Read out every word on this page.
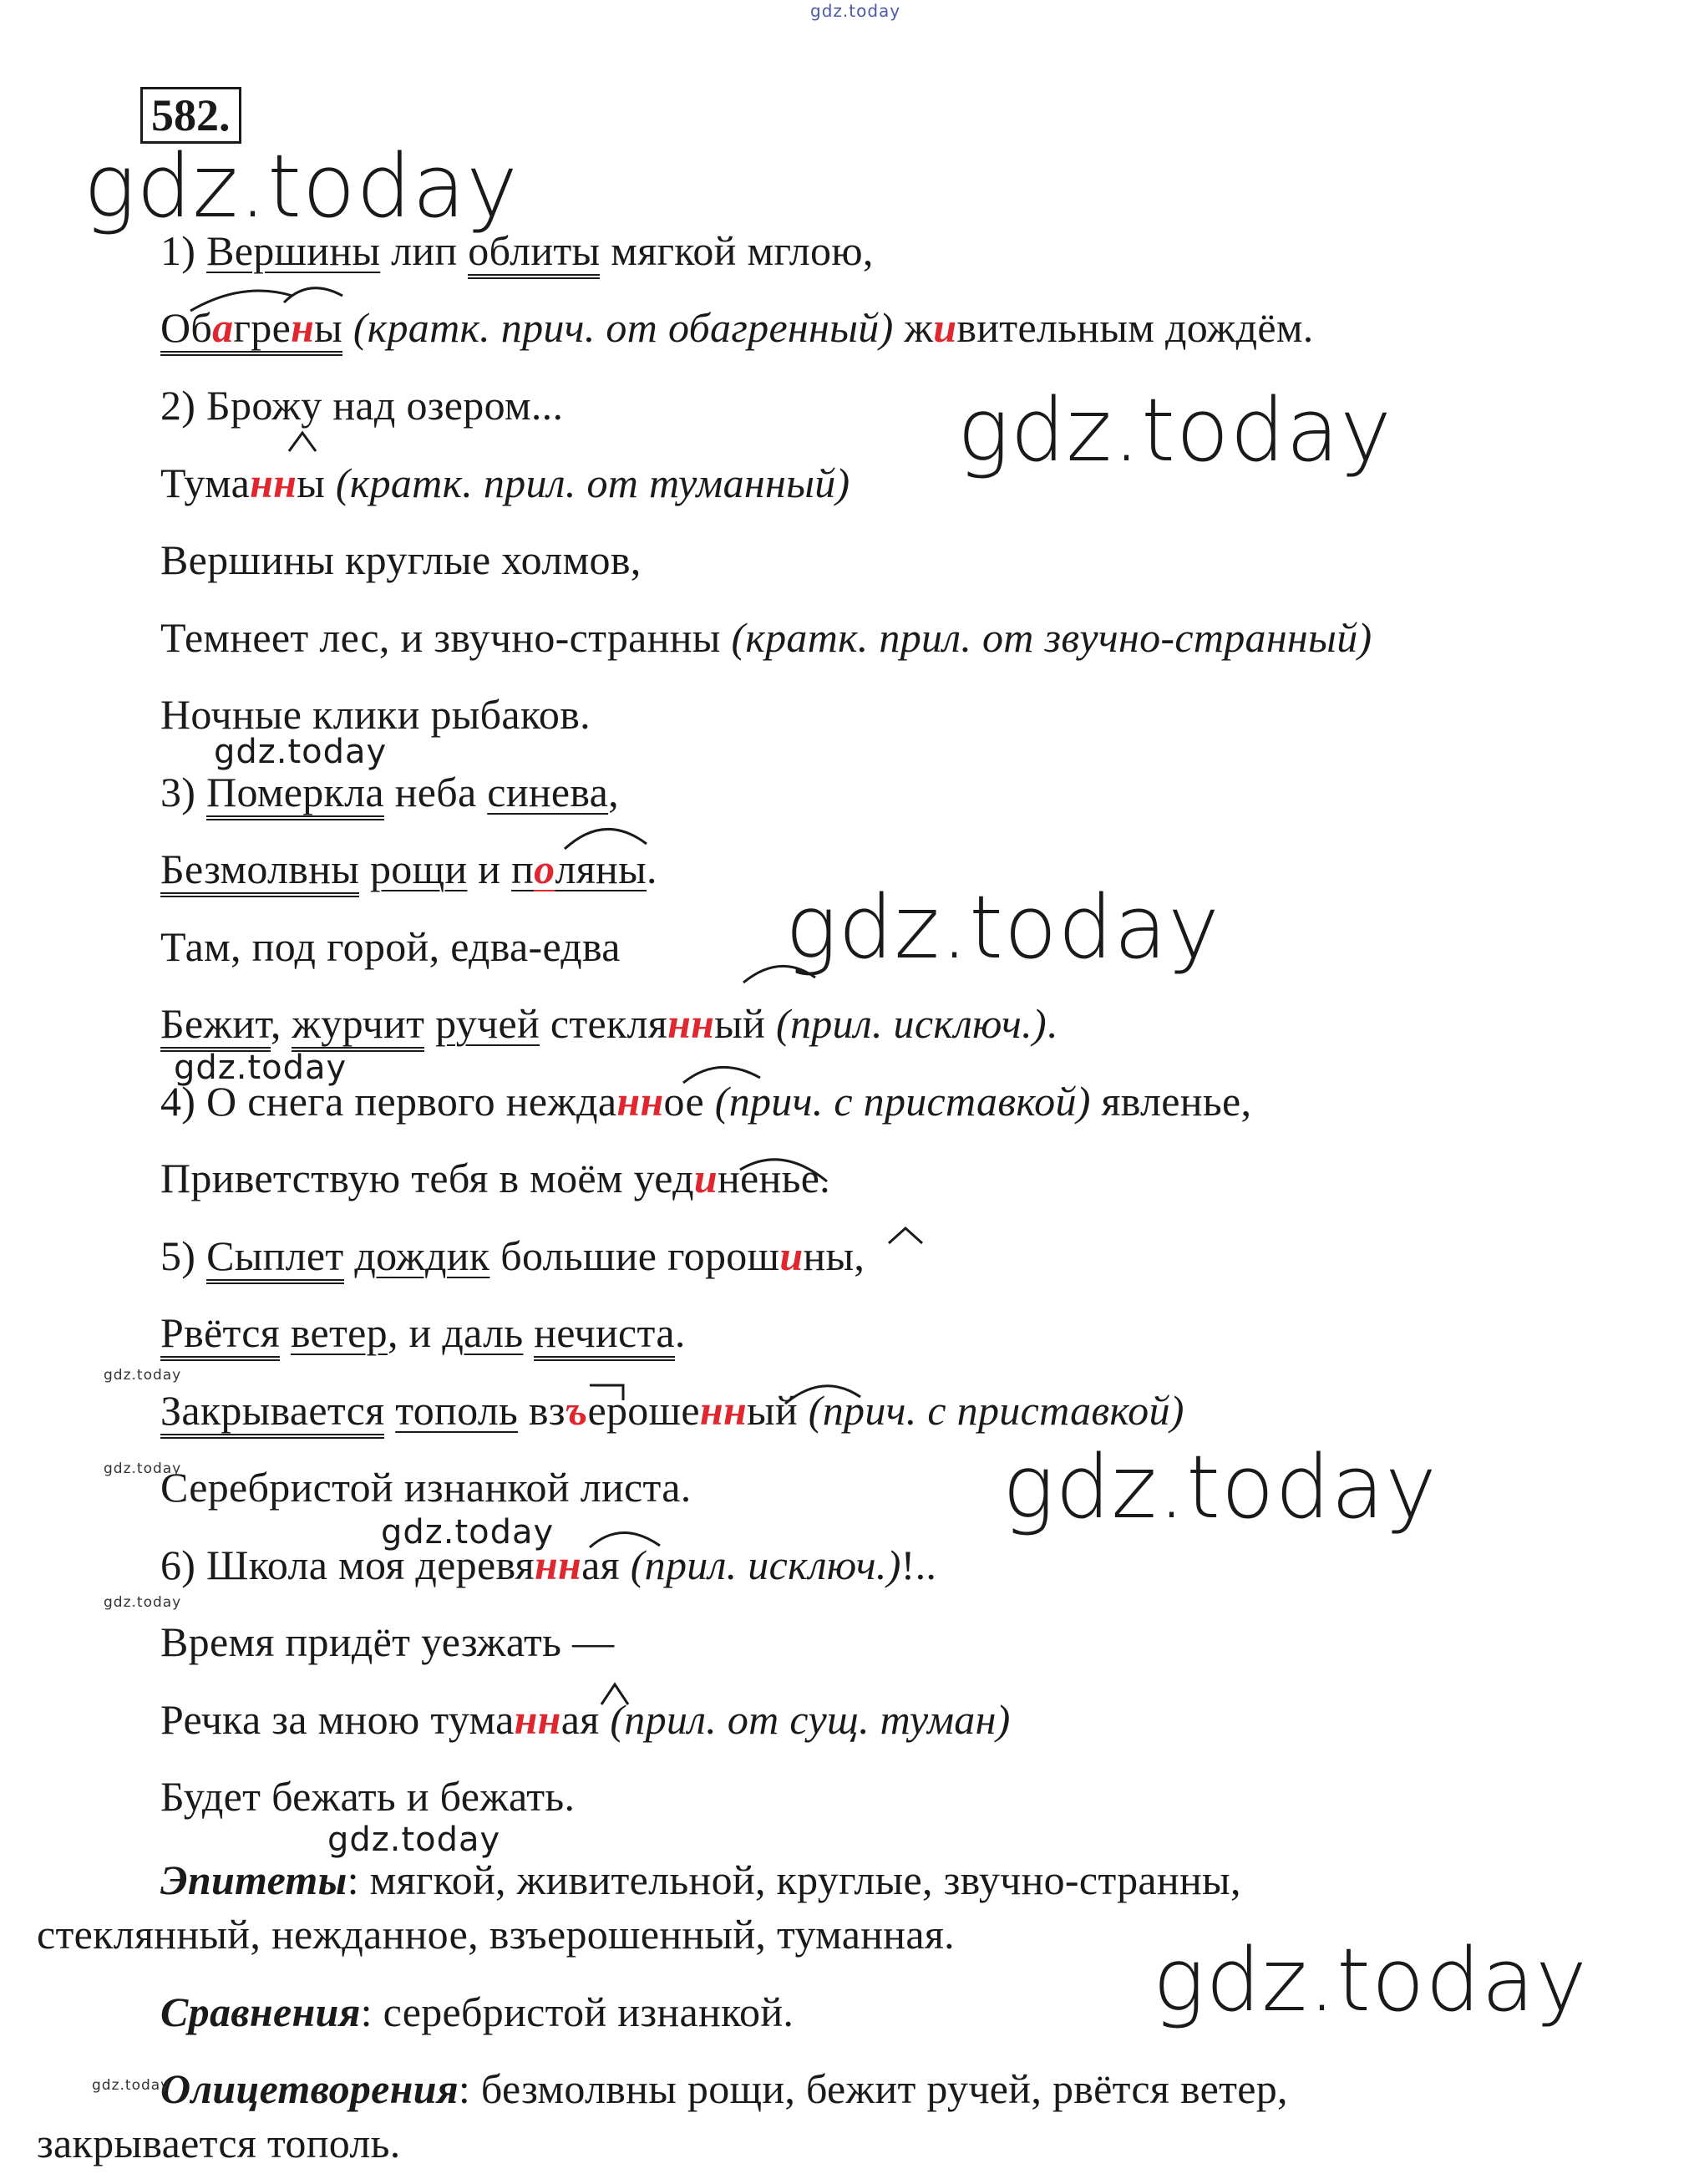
gdz.today
582.
1) Вершины лип облиты мягкой мглою,
Обагрены (кратк. прич. от обагренный) живительным дождём.
2) Брожу над озером...
Туманны (кратк. прил. от туманный)
Вершины круглые холмов,
Темнеет лес, и звучно-странны (кратк. прил. от звучно-странный)
Ночные клики рыбаков.
3) Померкла неба синева,
Безмолвны рощи и поляны.
Там, под горой, едва-едва
Бежит, журчит ручей стеклянный (прил. исключ.).
4) О снега первого нежданное (прич. с приставкой) явленье,
Приветствую тебя в моём уединенье.
5) Сыплет дождик большие горошины,
Рвётся ветер, и даль нечиста.
Закрывается тополь взъерошенный (прич. с приставкой)
Серебристой изнанкой листа.
6) Школа моя деревянная (прил. исключ.)!..
Время придёт уезжать —
Речка за мною туманная (прил. от сущ. туман)
Будет бежать и бежать.
Эпитеты: мягкой, живительной, круглые, звучно-странны,
стеклянный, нежданное, взъерошенный, туманная.
Сравнения: серебристой изнанкой.
Олицетворения: безмолвны рощи, бежит ручей, рвётся ветер,
закрывается тополь.
gdz.today
gdz.today
gdz.today
gdz.today
gdz.today
gdz.today
gdz.today
gdz.today
gdz.today
gdz.today
gdz.today
gdz.today
gdz.today
